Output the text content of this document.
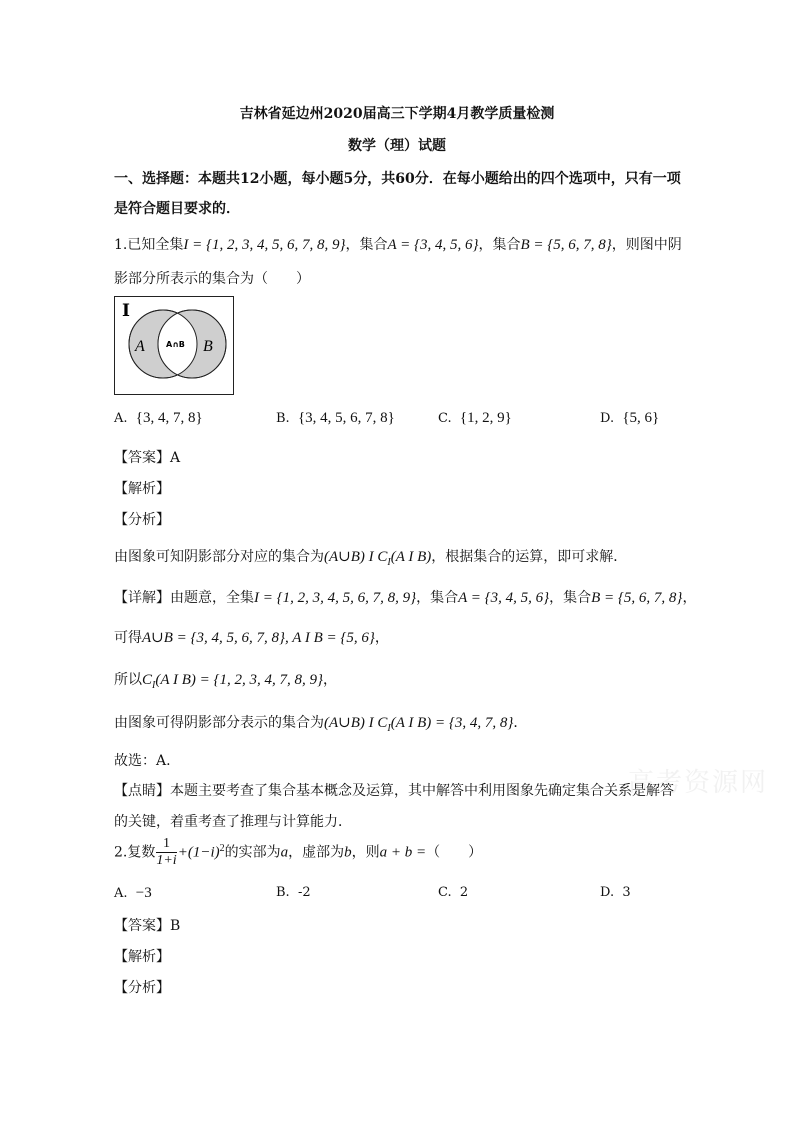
高考资源网
吉林省延边州2020届高三下学期4月教学质量检测
数学（理）试题
一、选择题：本题共12小题，每小题5分，共60分．在每小题给出的四个选项中，只有一项
是符合题目要求的．
1.已知全集I = {1, 2, 3, 4, 5, 6, 7, 8, 9}，集合A = {3, 4, 5, 6}，集合B = {5, 6, 7, 8}，则图中阴
影部分所表示的集合为（　　）
I
A	B
A∩B
A. {3, 4, 7, 8}	B. {3, 4, 5, 6, 7, 8}	C. {1, 2, 9}	D. {5, 6}
【答案】A
【解析】
【分析】
由图象可知阴影部分对应的集合为(A∪B) I $C_I(A$ I B)，根据集合的运算，即可求解．
【详解】由题意，全集I = {1, 2, 3, 4, 5, 6, 7, 8, 9}，集合A = {3, 4, 5, 6}，集合B = {5, 6, 7, 8}，
可得A∪B = {3, 4, 5, 6, 7, 8}, A I B = {5, 6}，
所以$C_I(A$ I B) = {1, 2, 3, 4, 7, 8, 9}，
由图象可得阴影部分表示的集合为(A∪B) I $C_I(A$ I B) = {3, 4, 7, 8}．
故选：A.
【点睛】本题主要考查了集合基本概念及运算，其中解答中利用图象先确定集合关系是解答
的关键，着重考查了推理与计算能力．
2.复数 $\frac{1}{1+i} +(1-i)^2$的实部为a，虚部为b，则a + b =（　　）
A. −3	B. -2	C. 2	D. 3
【答案】B
【解析】
【分析】
